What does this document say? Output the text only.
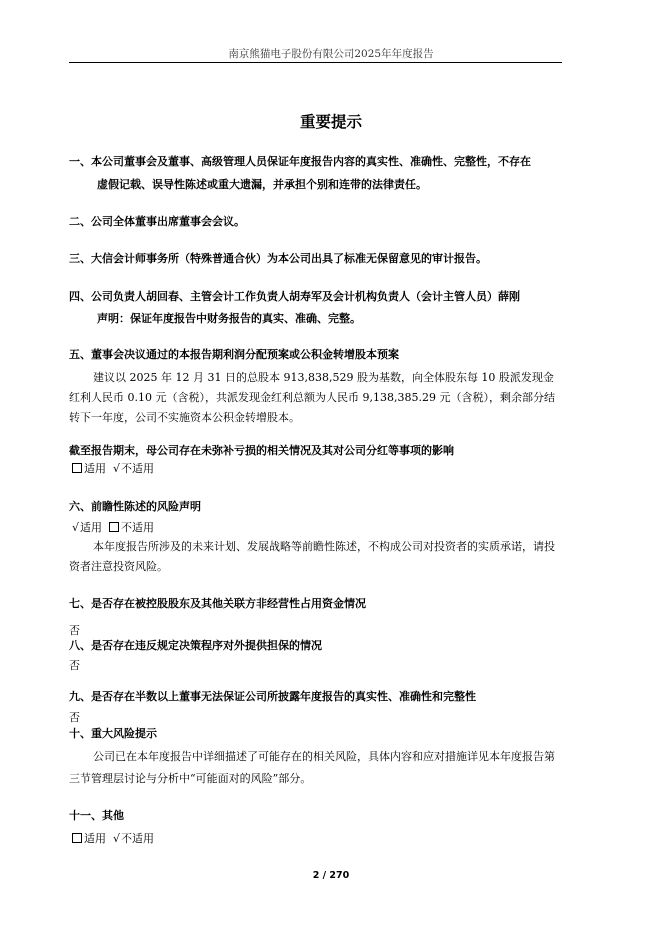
南京熊猫电子股份有限公司2025年年度报告
重要提示
一、本公司董事会及董事、高级管理人员保证年度报告内容的真实性、准确性、完整性，不存在
虚假记载、误导性陈述或重大遗漏，并承担个别和连带的法律责任。
二、公司全体董事出席董事会会议。
三、大信会计师事务所（特殊普通合伙）为本公司出具了标准无保留意见的审计报告。
四、公司负责人胡回春、主管会计工作负责人胡寿军及会计机构负责人（会计主管人员）薛刚
声明：保证年度报告中财务报告的真实、准确、完整。
五、董事会决议通过的本报告期利润分配预案或公积金转增股本预案
建议以 2025 年 12 月 31 日的总股本 913,838,529 股为基数，向全体股东每 10 股派发现金红利人民币 0.10 元（含税），共派发现金红利总额为人民币 9,138,385.29 元（含税），剩余部分结转下一年度，公司不实施资本公积金转增股本。
截至报告期末，母公司存在未弥补亏损的相关情况及其对公司分红等事项的影响
适用 √不适用
六、前瞻性陈述的风险声明
√适用 不适用
本年度报告所涉及的未来计划、发展战略等前瞻性陈述，不构成公司对投资者的实质承诺，请投资者注意投资风险。
七、是否存在被控股股东及其他关联方非经营性占用资金情况
否
八、是否存在违反规定决策程序对外提供担保的情况
否
九、是否存在半数以上董事无法保证公司所披露年度报告的真实性、准确性和完整性
否
十、重大风险提示
公司已在本年度报告中详细描述了可能存在的相关风险，具体内容和应对措施详见本年度报告第三节管理层讨论与分析中“可能面对的风险”部分。
十一、其他
适用 √不适用
2 / 270
